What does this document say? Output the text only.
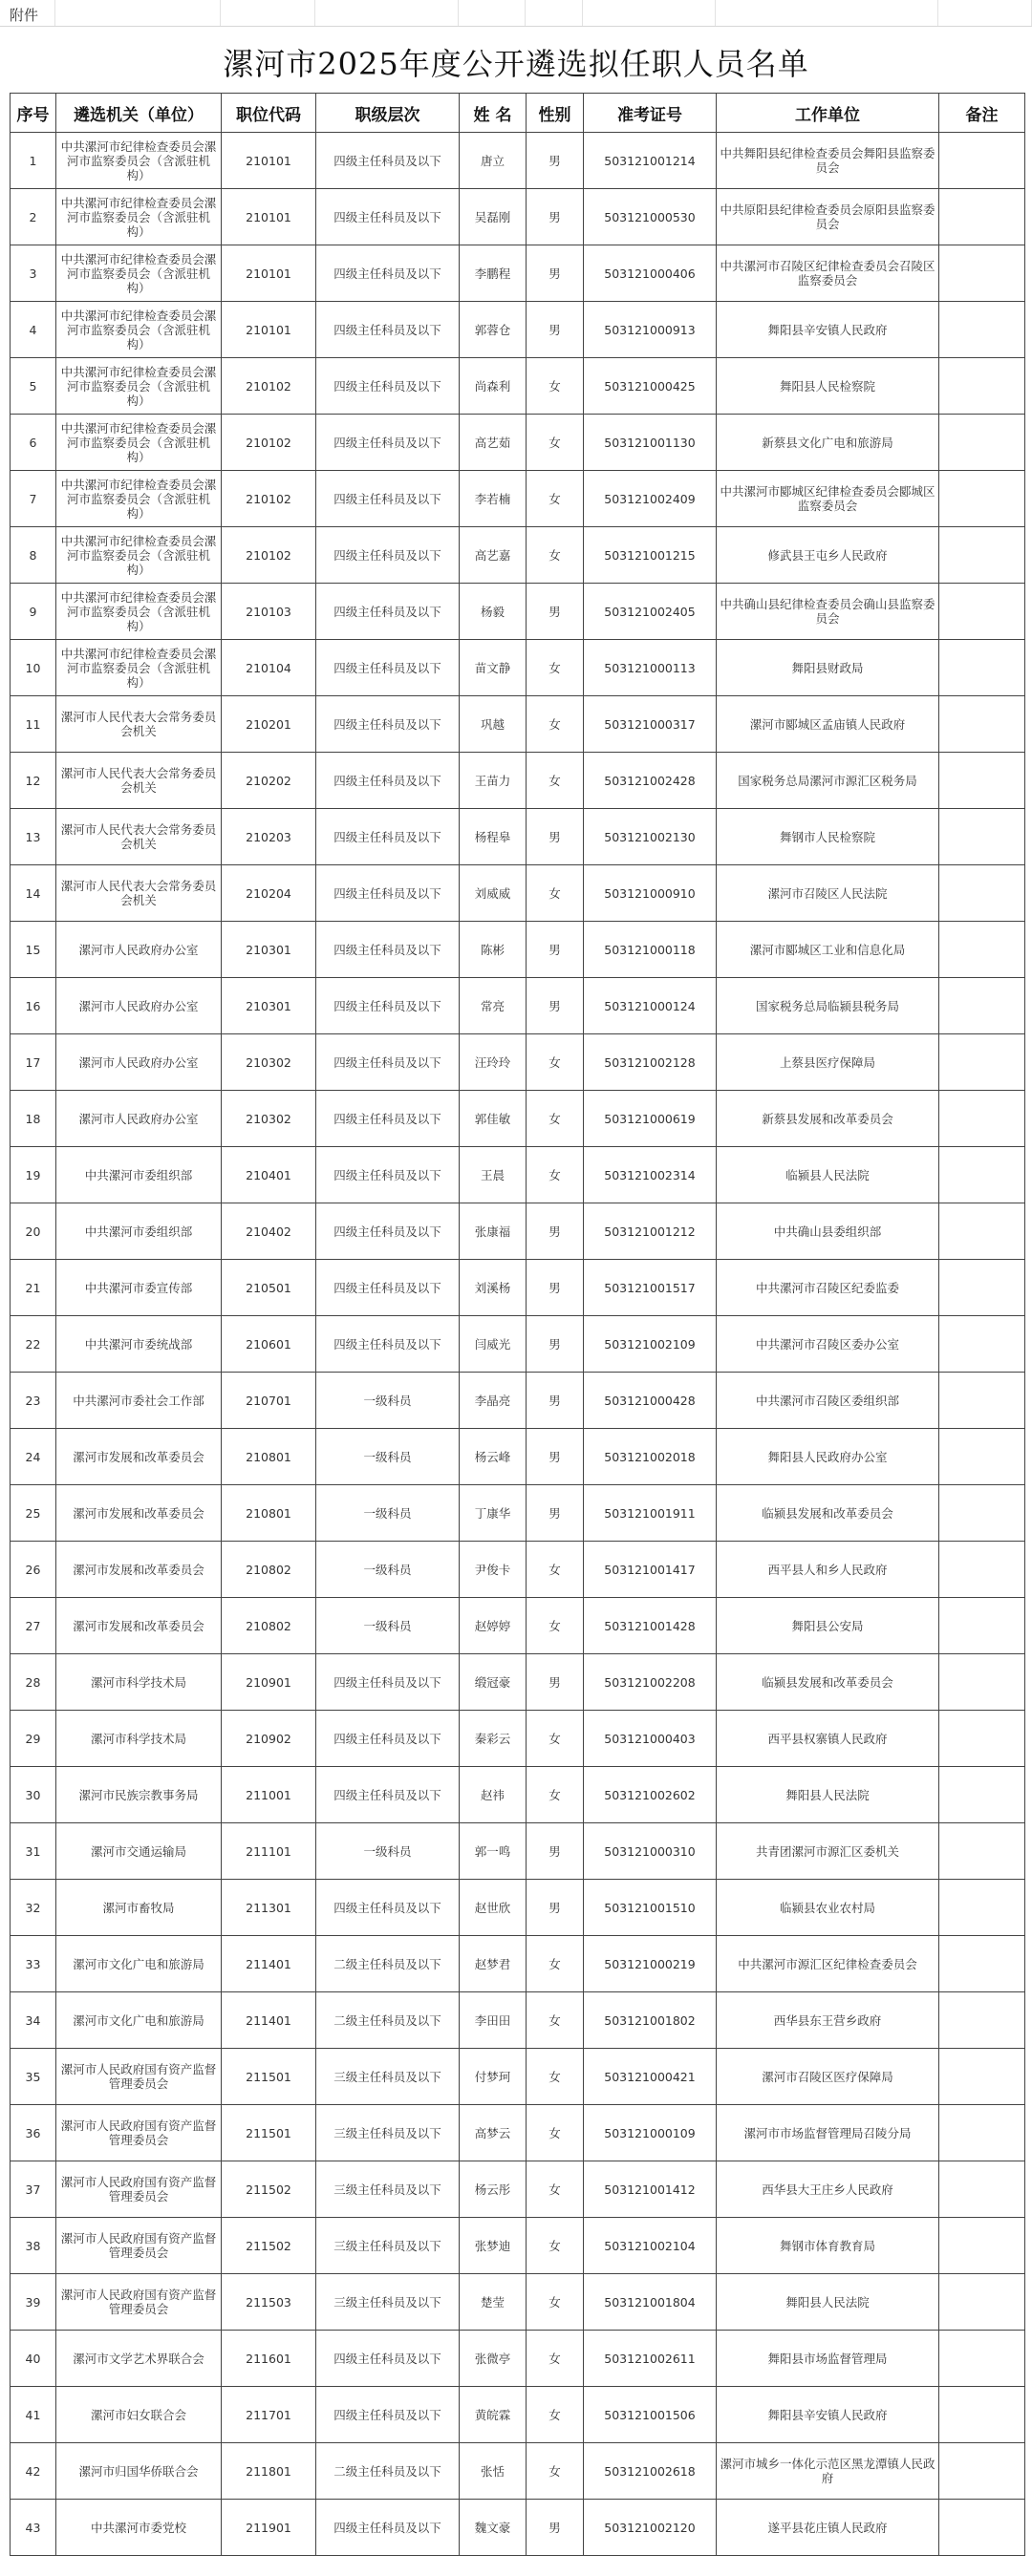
附件
漯河市2025年度公开遴选拟任职人员名单
序号	遴选机关（单位）	职位代码	职级层次	姓 名	性别	准考证号	工作单位	备注
1	中共漯河市纪律检查委员会漯河市监察委员会（含派驻机构）	210101	四级主任科员及以下	唐立	男	503121001214	中共舞阳县纪律检查委员会舞阳县监察委员会	
2	中共漯河市纪律检查委员会漯河市监察委员会（含派驻机构）	210101	四级主任科员及以下	吴磊刚	男	503121000530	中共原阳县纪律检查委员会原阳县监察委员会	
3	中共漯河市纪律检查委员会漯河市监察委员会（含派驻机构）	210101	四级主任科员及以下	李鹏程	男	503121000406	中共漯河市召陵区纪律检查委员会召陵区监察委员会	
4	中共漯河市纪律检查委员会漯河市监察委员会（含派驻机构）	210101	四级主任科员及以下	郭蓉仓	男	503121000913	舞阳县辛安镇人民政府	
5	中共漯河市纪律检查委员会漯河市监察委员会（含派驻机构）	210102	四级主任科员及以下	尚森利	女	503121000425	舞阳县人民检察院	
6	中共漯河市纪律检查委员会漯河市监察委员会（含派驻机构）	210102	四级主任科员及以下	高艺茹	女	503121001130	新蔡县文化广电和旅游局	
7	中共漯河市纪律检查委员会漯河市监察委员会（含派驻机构）	210102	四级主任科员及以下	李若楠	女	503121002409	中共漯河市郾城区纪律检查委员会郾城区监察委员会	
8	中共漯河市纪律检查委员会漯河市监察委员会（含派驻机构）	210102	四级主任科员及以下	高艺嘉	女	503121001215	修武县王屯乡人民政府	
9	中共漯河市纪律检查委员会漯河市监察委员会（含派驻机构）	210103	四级主任科员及以下	杨毅	男	503121002405	中共确山县纪律检查委员会确山县监察委员会	
10	中共漯河市纪律检查委员会漯河市监察委员会（含派驻机构）	210104	四级主任科员及以下	苗文静	女	503121000113	舞阳县财政局	
11	漯河市人民代表大会常务委员会机关	210201	四级主任科员及以下	巩越	女	503121000317	漯河市郾城区孟庙镇人民政府	
12	漯河市人民代表大会常务委员会机关	210202	四级主任科员及以下	王苗力	女	503121002428	国家税务总局漯河市源汇区税务局	
13	漯河市人民代表大会常务委员会机关	210203	四级主任科员及以下	杨程皋	男	503121002130	舞钢市人民检察院	
14	漯河市人民代表大会常务委员会机关	210204	四级主任科员及以下	刘威威	女	503121000910	漯河市召陵区人民法院	
15	漯河市人民政府办公室	210301	四级主任科员及以下	陈彬	男	503121000118	漯河市郾城区工业和信息化局	
16	漯河市人民政府办公室	210301	四级主任科员及以下	常亮	男	503121000124	国家税务总局临颍县税务局	
17	漯河市人民政府办公室	210302	四级主任科员及以下	汪玲玲	女	503121002128	上蔡县医疗保障局	
18	漯河市人民政府办公室	210302	四级主任科员及以下	郭佳敏	女	503121000619	新蔡县发展和改革委员会	
19	中共漯河市委组织部	210401	四级主任科员及以下	王晨	女	503121002314	临颍县人民法院	
20	中共漯河市委组织部	210402	四级主任科员及以下	张康福	男	503121001212	中共确山县委组织部	
21	中共漯河市委宣传部	210501	四级主任科员及以下	刘溪杨	男	503121001517	中共漯河市召陵区纪委监委	
22	中共漯河市委统战部	210601	四级主任科员及以下	闫威光	男	503121002109	中共漯河市召陵区委办公室	
23	中共漯河市委社会工作部	210701	一级科员	李晶亮	男	503121000428	中共漯河市召陵区委组织部	
24	漯河市发展和改革委员会	210801	一级科员	杨云峰	男	503121002018	舞阳县人民政府办公室	
25	漯河市发展和改革委员会	210801	一级科员	丁康华	男	503121001911	临颍县发展和改革委员会	
26	漯河市发展和改革委员会	210802	一级科员	尹俊卡	女	503121001417	西平县人和乡人民政府	
27	漯河市发展和改革委员会	210802	一级科员	赵婷婷	女	503121001428	舞阳县公安局	
28	漯河市科学技术局	210901	四级主任科员及以下	缎冠豪	男	503121002208	临颍县发展和改革委员会	
29	漯河市科学技术局	210902	四级主任科员及以下	秦彩云	女	503121000403	西平县权寨镇人民政府	
30	漯河市民族宗教事务局	211001	四级主任科员及以下	赵祎	女	503121002602	舞阳县人民法院	
31	漯河市交通运输局	211101	一级科员	郭一鸣	男	503121000310	共青团漯河市源汇区委机关	
32	漯河市畜牧局	211301	四级主任科员及以下	赵世欣	男	503121001510	临颍县农业农村局	
33	漯河市文化广电和旅游局	211401	二级主任科员及以下	赵梦君	女	503121000219	中共漯河市源汇区纪律检查委员会	
34	漯河市文化广电和旅游局	211401	二级主任科员及以下	李田田	女	503121001802	西华县东王营乡政府	
35	漯河市人民政府国有资产监督管理委员会	211501	三级主任科员及以下	付梦珂	女	503121000421	漯河市召陵区医疗保障局	
36	漯河市人民政府国有资产监督管理委员会	211501	三级主任科员及以下	高梦云	女	503121000109	漯河市市场监督管理局召陵分局	
37	漯河市人民政府国有资产监督管理委员会	211502	三级主任科员及以下	杨云彤	女	503121001412	西华县大王庄乡人民政府	
38	漯河市人民政府国有资产监督管理委员会	211502	三级主任科员及以下	张梦迪	女	503121002104	舞钢市体育教育局	
39	漯河市人民政府国有资产监督管理委员会	211503	三级主任科员及以下	楚莹	女	503121001804	舞阳县人民法院	
40	漯河市文学艺术界联合会	211601	四级主任科员及以下	张微亭	女	503121002611	舞阳县市场监督管理局	
41	漯河市妇女联合会	211701	四级主任科员及以下	黄皖霖	女	503121001506	舞阳县辛安镇人民政府	
42	漯河市归国华侨联合会	211801	二级主任科员及以下	张恬	女	503121002618	漯河市城乡一体化示范区黑龙潭镇人民政府	
43	中共漯河市委党校	211901	四级主任科员及以下	魏文豪	男	503121002120	遂平县花庄镇人民政府	
